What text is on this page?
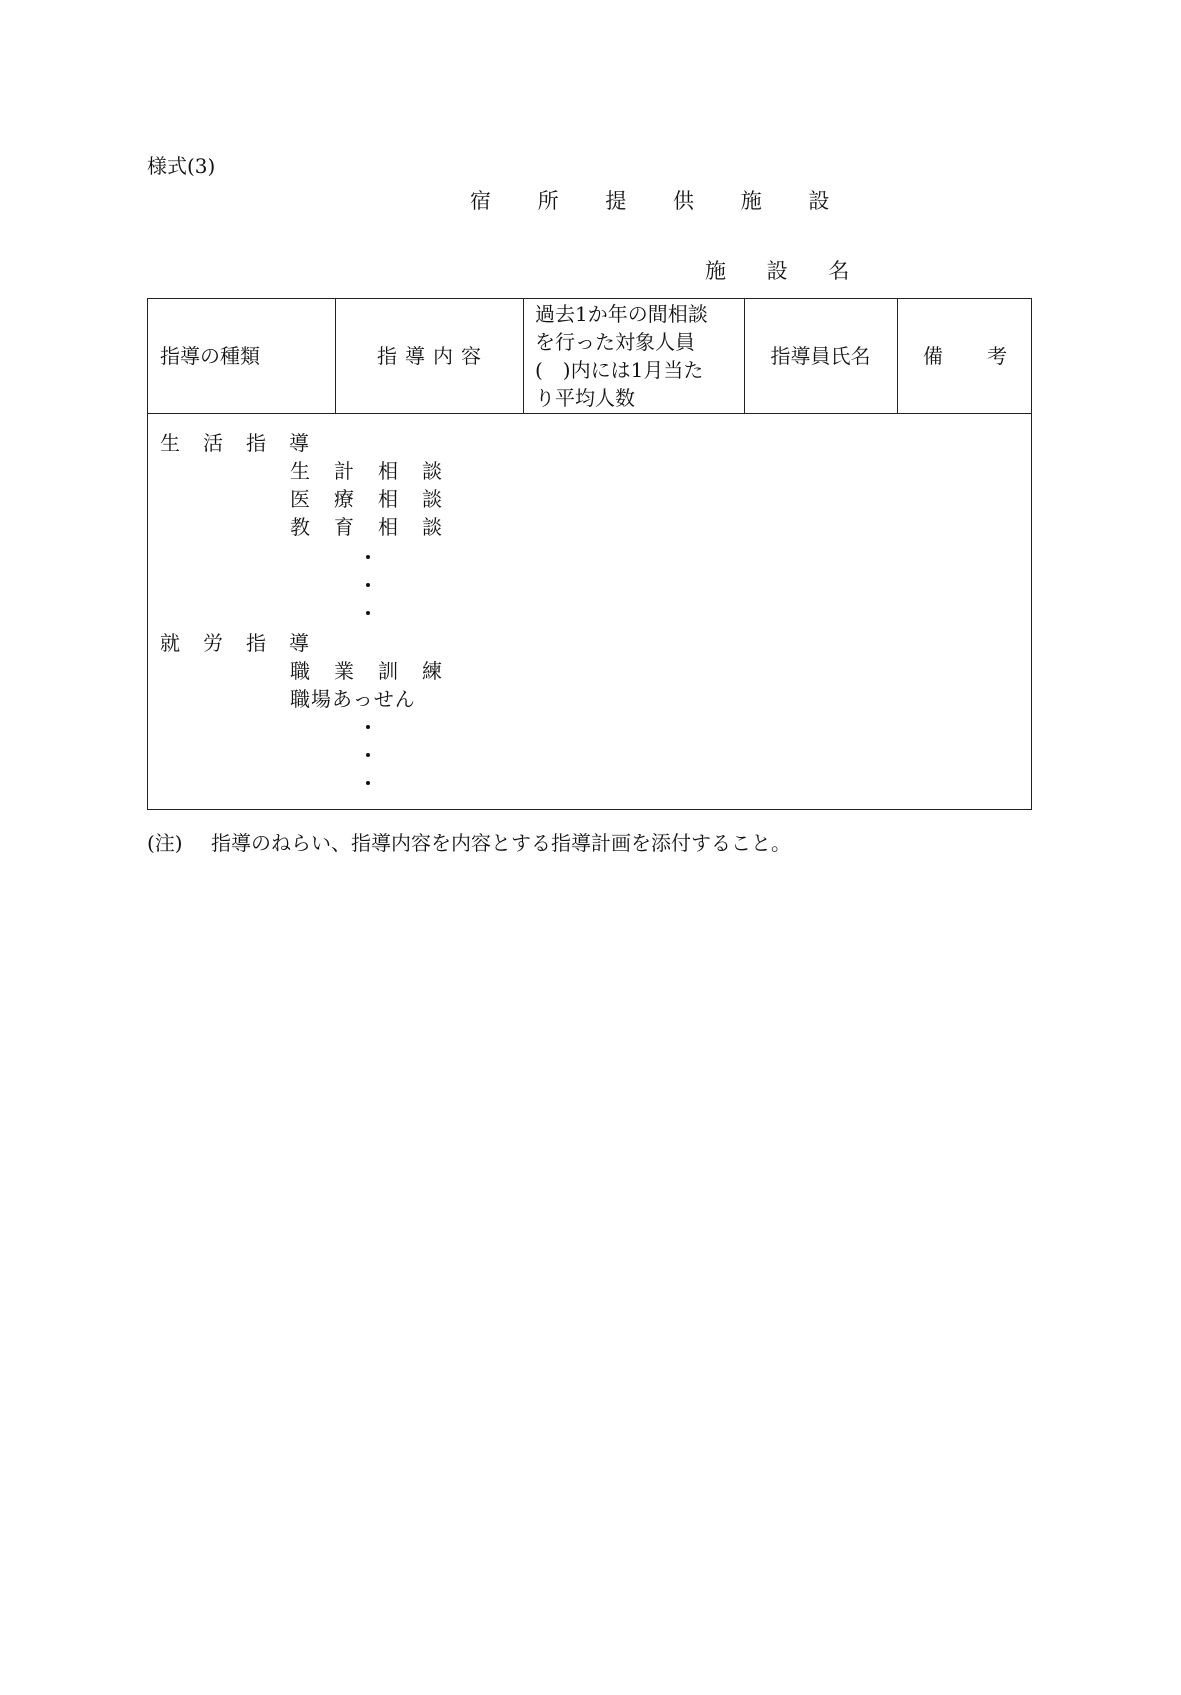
様式(3)
宿 所 提 供 施 設
施 設 名
指導の種類	指導内容
過去1か年の間相談
を行った対象人員
(　)内には1月当た
り平均人数
指導員氏名	備考
生活指導
生計相談
医療相談
教育相談
就労指導
職業訓練
職場あっせん
(注) 指導のねらい、指導内容を内容とする指導計画を添付すること。
